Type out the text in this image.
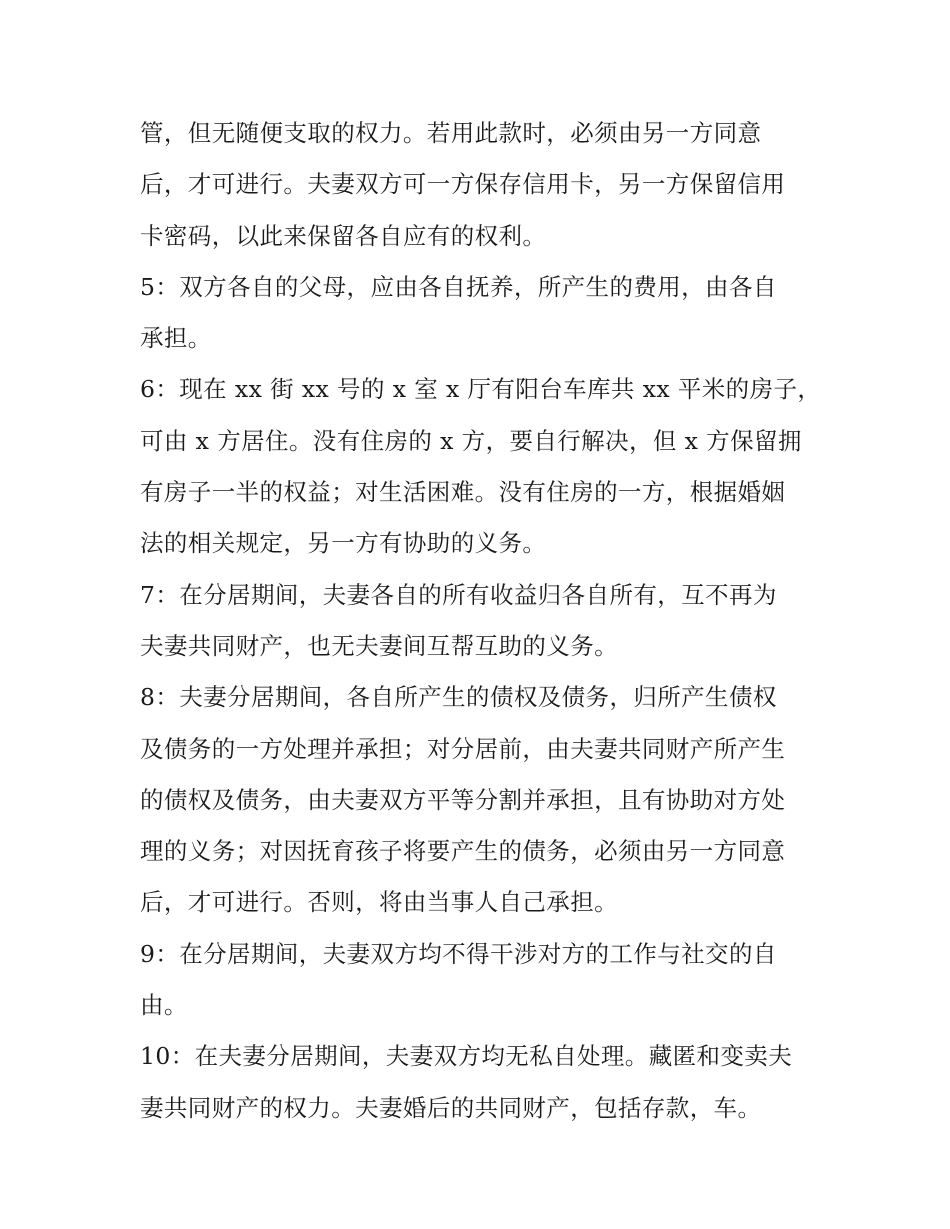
管，但无随便支取的权力。若用此款时，必须由另一方同意
后，才可进行。夫妻双方可一方保存信用卡，另一方保留信用
卡密码，以此来保留各自应有的权利。
5：双方各自的父母，应由各自抚养，所产生的费用，由各自
承担。
6：现在 xx 街 xx 号的 x 室 x 厅有阳台车库共 xx 平米的房子，
可由 x 方居住。没有住房的 x 方，要自行解决，但 x 方保留拥
有房子一半的权益；对生活困难。没有住房的一方，根据婚姻
法的相关规定，另一方有协助的义务。
7：在分居期间，夫妻各自的所有收益归各自所有，互不再为
夫妻共同财产，也无夫妻间互帮互助的义务。
8：夫妻分居期间，各自所产生的债权及债务，归所产生债权
及债务的一方处理并承担；对分居前，由夫妻共同财产所产生
的债权及债务，由夫妻双方平等分割并承担，且有协助对方处
理的义务；对因抚育孩子将要产生的债务，必须由另一方同意
后，才可进行。否则，将由当事人自己承担。
9：在分居期间，夫妻双方均不得干涉对方的工作与社交的自
由。
10：在夫妻分居期间，夫妻双方均无私自处理。藏匿和变卖夫
妻共同财产的权力。夫妻婚后的共同财产，包括存款，车。
